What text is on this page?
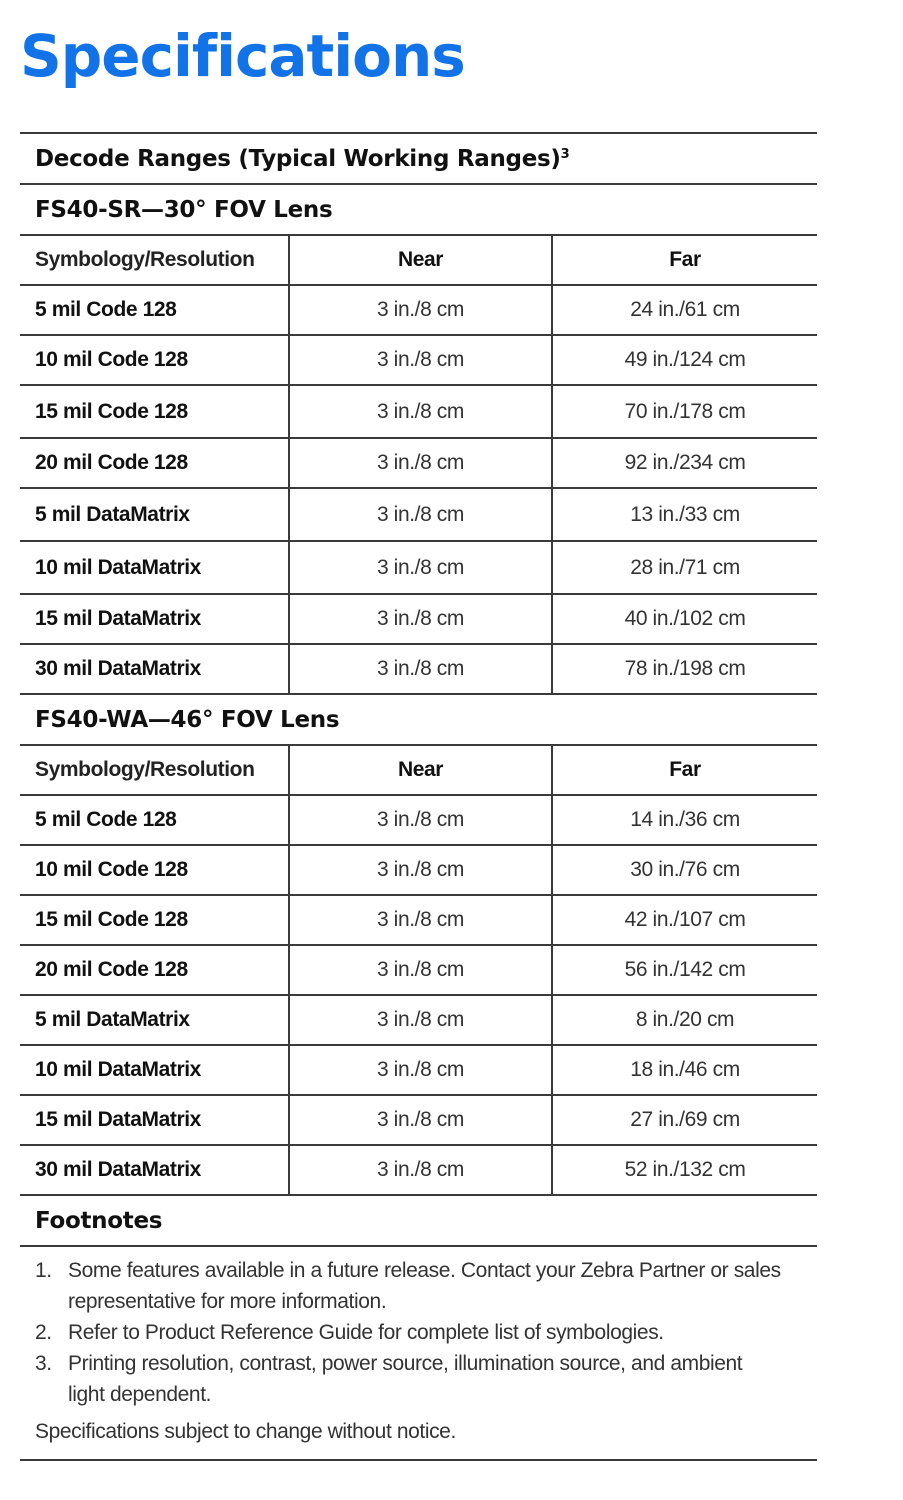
Specifications
Decode Ranges (Typical Working Ranges)$^3$
FS40-SR—30° FOV Lens
Symbology/Resolution	Near	Far
5 mil Code 128	3 in./8 cm	24 in./61 cm
10 mil Code 128	3 in./8 cm	49 in./124 cm
15 mil Code 128	3 in./8 cm	70 in./178 cm
20 mil Code 128	3 in./8 cm	92 in./234 cm
5 mil DataMatrix	3 in./8 cm	13 in./33 cm
10 mil DataMatrix	3 in./8 cm	28 in./71 cm
15 mil DataMatrix	3 in./8 cm	40 in./102 cm
30 mil DataMatrix	3 in./8 cm	78 in./198 cm
FS40-WA—46° FOV Lens
Symbology/Resolution	Near	Far
5 mil Code 128	3 in./8 cm	14 in./36 cm
10 mil Code 128	3 in./8 cm	30 in./76 cm
15 mil Code 128	3 in./8 cm	42 in./107 cm
20 mil Code 128	3 in./8 cm	56 in./142 cm
5 mil DataMatrix	3 in./8 cm	8 in./20 cm
10 mil DataMatrix	3 in./8 cm	18 in./46 cm
15 mil DataMatrix	3 in./8 cm	27 in./69 cm
30 mil DataMatrix	3 in./8 cm	52 in./132 cm
Footnotes
1. Some features available in a future release. Contact your Zebra Partner or sales representative for more information.
2. Refer to Product Reference Guide for complete list of symbologies.
3. Printing resolution, contrast, power source, illumination source, and ambient light dependent.
Specifications subject to change without notice.
